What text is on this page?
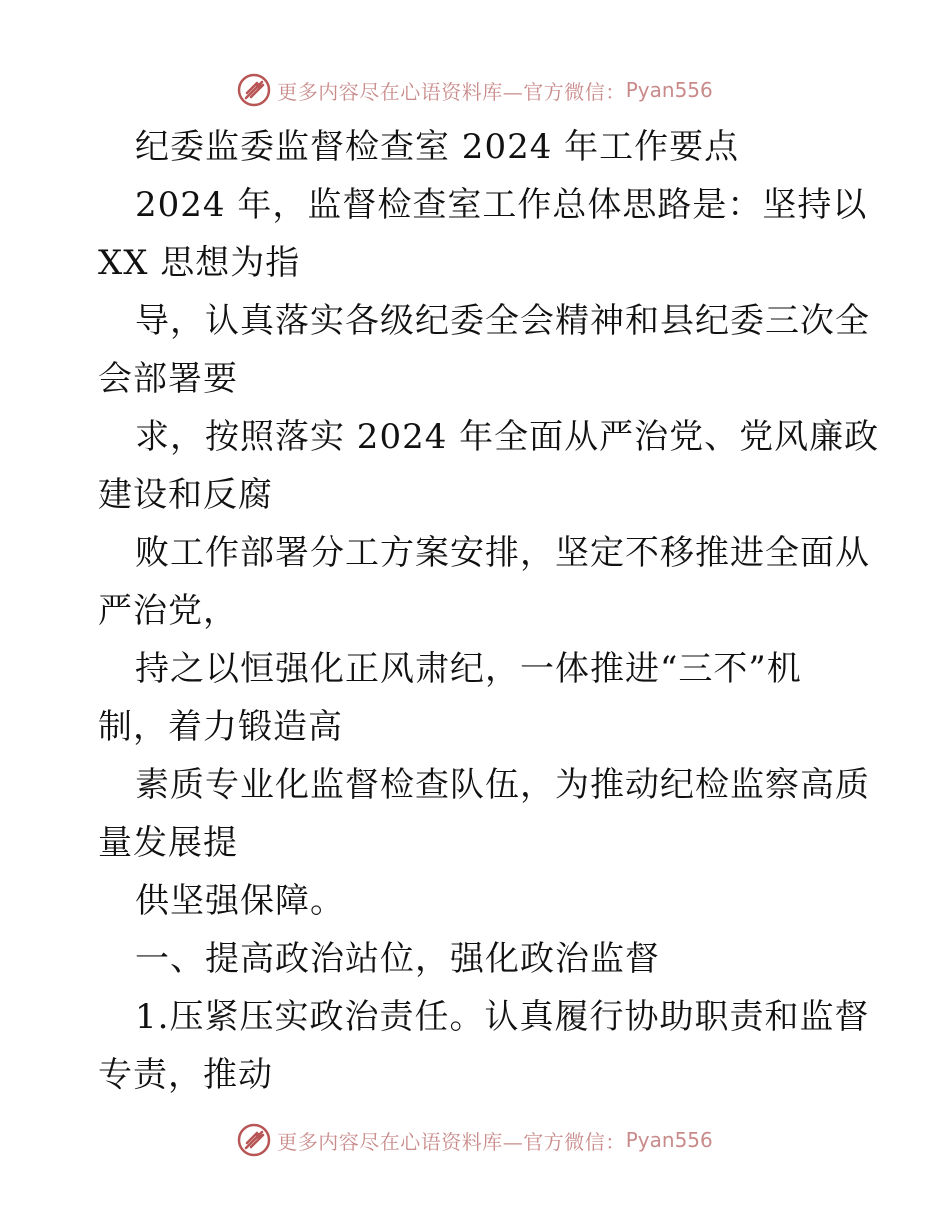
更多内容尽在心语资料库—官方微信： Pyan556
纪委监委监督检查室 2024 年工作要点
2024 年，监督检查室工作总体思路是：坚持以
XX 思想为指
导，认真落实各级纪委全会精神和县纪委三次全
会部署要
求，按照落实 2024 年全面从严治党、党风廉政
建设和反腐
败工作部署分工方案安排，坚定不移推进全面从
严治党，
持之以恒强化正风肃纪，一体推进“三不”机
制，着力锻造高
素质专业化监督检查队伍，为推动纪检监察高质
量发展提
供坚强保障。
一、提高政治站位，强化政治监督
1.压紧压实政治责任。认真履行协助职责和监督
专责，推动
更多内容尽在心语资料库—官方微信： Pyan556
